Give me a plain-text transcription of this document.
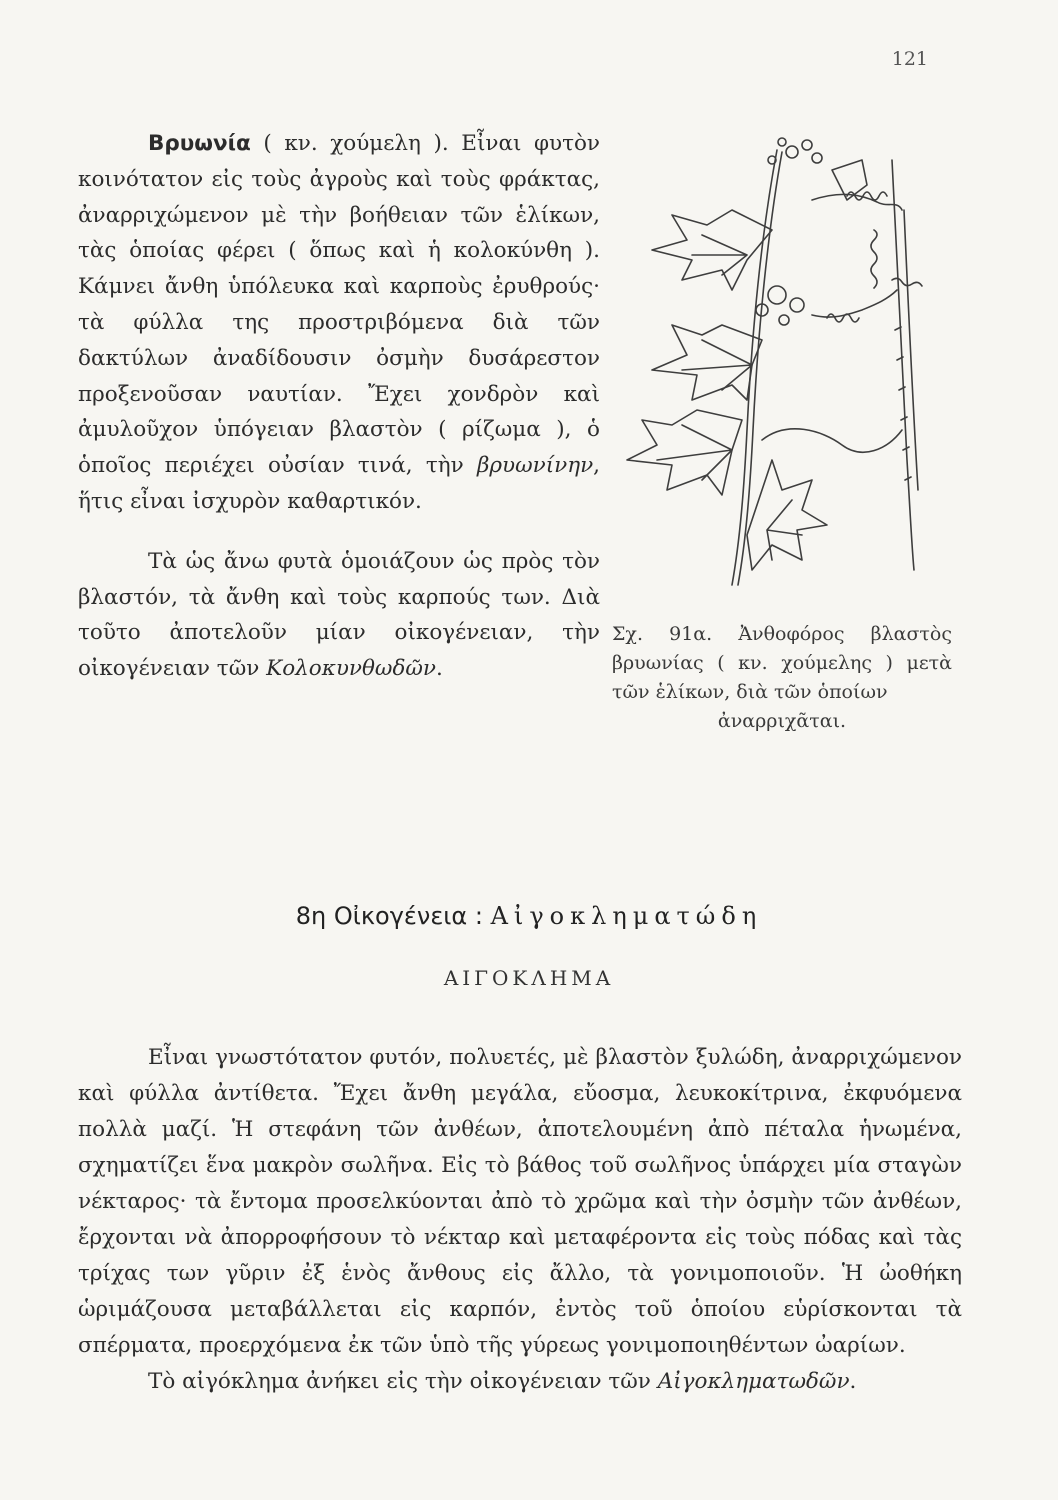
121

Βρυωνία ( κν. χούμελη ). Εἶναι φυτὸν κοινότατον εἰς τοὺς ἀγροὺς καὶ τοὺς φράκτας, ἀναρριχώμενον μὲ τὴν βοήθειαν τῶν ἑλίκων, τὰς ὁποίας φέρει ( ὅπως καὶ ἡ κολοκύνθη ). Κάμνει ἄνθη ὑπόλευκα καὶ καρποὺς ἐρυθρούς· τὰ φύλλα της προστριβόμενα διὰ τῶν δακτύλων ἀναδίδουσιν ὀσμὴν δυσάρεστον προξενοῦσαν ναυτίαν. Ἔχει χονδρὸν καὶ ἀμυλοῦχον ὑπόγειαν βλαστὸν ( ρίζωμα ), ὁ ὁποῖος περιέχει οὐσίαν τινά, τὴν βρυωνίνην, ἥτις εἶναι ἰσχυρὸν καθαρτικόν.

Τὰ ὡς ἄνω φυτὰ ὁμοιάζουν ὡς πρὸς τὸν βλαστόν, τὰ ἄνθη καὶ τοὺς καρπούς των. Διὰ τοῦτο ἀποτελοῦν μίαν οἰκογένειαν, τὴν οἰκογένειαν τῶν Κολοκυνθωδῶν.

Σχ. 91α. Ἀνθοφόρος βλαστὸς βρυωνίας ( κν. χούμελης ) μετὰ τῶν ἑλίκων, διὰ τῶν ὁποίων
ἀναρριχᾶται.
8η Οἰκογένεια : Αἰγοκληματώδη
ΑΙΓΟΚΛΗΜΑ

Εἶναι γνωστότατον φυτόν, πολυετές, μὲ βλαστὸν ξυλώδη, ἀναρριχώμενον καὶ φύλλα ἀντίθετα. Ἔχει ἄνθη μεγάλα, εὔοσμα, λευκοκίτρινα, ἐκφυόμενα πολλὰ μαζί. Ἡ στεφάνη τῶν ἀνθέων, ἀποτελουμένη ἀπὸ πέταλα ἡνωμένα, σχηματίζει ἕνα μακρὸν σωλῆνα. Εἰς τὸ βάθος τοῦ σωλῆνος ὑπάρχει μία σταγὼν νέκταρος· τὰ ἔντομα προσελκύονται ἀπὸ τὸ χρῶμα καὶ τὴν ὀσμὴν τῶν ἀνθέων, ἔρχονται νὰ ἀπορροφήσουν τὸ νέκταρ καὶ μεταφέροντα εἰς τοὺς πόδας καὶ τὰς τρίχας των γῦριν ἐξ ἑνὸς ἄνθους εἰς ἄλλο, τὰ γονιμοποιοῦν. Ἡ ὠοθήκη ὡριμάζουσα μεταβάλλεται εἰς καρπόν, ἐντὸς τοῦ ὁποίου εὑρίσκονται τὰ σπέρματα, προερχόμενα ἐκ τῶν ὑπὸ τῆς γύρεως γονιμοποιηθέντων ὠαρίων.

Τὸ αἰγόκλημα ἀνήκει εἰς τὴν οἰκογένειαν τῶν Αἰγοκληματωδῶν.
